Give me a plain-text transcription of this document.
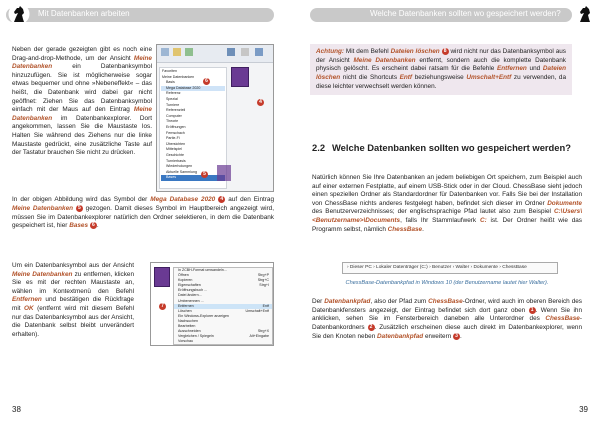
Mit Datenbanken arbeiten

Neben der gerade gezeigten gibt es noch eine Drag-and-drop-Methode, um der Ansicht Meine Datenbanken ein Datenbanksymbol hinzuzufügen. Sie ist möglicherweise sogar etwas bequemer und ohne »Nebeneffekt« – das heißt, die Datenbank wird dabei gar nicht geöffnet: Ziehen Sie das Datenbanksymbol einfach mit der Maus auf den Eintrag Meine Datenbanken im Datenbankexplorer. Dort angekommen, lassen Sie die Maustaste los. Halten Sie während des Ziehens nur die linke Maustaste gedrückt, eine zusätzliche Taste auf der Tastatur brauchen Sie nicht zu drücken.

Favoriten
Meine Datenbanken
Basis
Mega Database 2020
Referenz
Spezial
Turniere
Referenzteil
Computer
Theorie
Eröffnungen
Fernschach
Partie-Fi
Übersichten
Mittelspiel
Geschichte
Turnierbasis
Wiederholungen
Aktuelle Sammlung
Bases
6
4
5

In der obigen Abbildung wird das Symbol der Mega Database 2020 4 auf den Eintrag Meine Datenbanken 5 gezogen. Damit dieses Symbol im Hauptbereich angezeigt wird, müssen Sie im Datenbankexplorer natürlich den Ordner selektieren, in dem die Datenbank gespeichert ist, hier Bases 6 .

Um ein Datenbanksymbol aus der Ansicht Meine Datenbanken zu entfernen, klicken Sie es mit der rechten Maustaste an, wählen im Kontextmenü den Befehl Entfernen und bestätigen die Rückfrage mit OK (entfernt wird mit diesem Befehl nur das Datenbanksymbol aus der Ansicht, die Datenbank selbst bleibt unverändert erhalten).

In ZCBH-Format umwandeln...
Öffnen	Strg+P
Kopieren	Strg+C
Eigenschaften	Strg+I
Eröffnungsbuch ...
Datei ändern...
Umbenennen ...
Entfernen	Entf
Löschen	Umschalt+Entf
Ein Windows-Explorer anzeigen
Nachsuchen
Bearbeiten
Ausschneiden	Strg+X
Vergleichen / Spiegeln	Alt+Eingabe
Vorschau
7
38
Welche Datenbanken sollten wo gespeichert werden?

Achtung: Mit dem Befehl Dateien löschen 8 wird nicht nur das Datenbanksymbol aus der Ansicht Meine Datenbanken entfernt, sondern auch die komplette Datenbank physisch gelöscht. Es erscheint dabei ratsam für die Befehle Entfernen und Dateien löschen nicht die Shortcuts Entf beziehungsweise Umschalt+Entf zu verwenden, da diese leichter verwechselt werden können.

2.2 Welche Datenbanken sollten wo gespeichert werden?

Natürlich können Sie Ihre Datenbanken an jedem beliebigen Ort speichern, zum Beispiel auch auf einer externen Festplatte, auf einem USB-Stick oder in der Cloud. ChessBase sieht jedoch einen speziellen Ordner als Standardordner für Datenbanken vor. Falls Sie bei der Installation von ChessBase nichts anderes festgelegt haben, befindet sich dieser im Ordner Dokumente des Benutzerverzeichnisses; der englischsprachige Pfad lautet also zum Beispiel C:\Users\<Benutzername>\Documents, falls Ihr Stammlaufwerk C: ist. Der Ordner heißt wie das Programm selbst, nämlich ChessBase.

› Dieser PC › Lokaler Datenträger (C:) › Benutzer › Walter › Dokumente › ChessBase
ChessBase-Datenbankpfad in Windows 10 (der Benutzername lautet hier Walter).

Der Datenbankpfad, also der Pfad zum ChessBase-Ordner, wird auch im oberen Bereich des Datenbankfensters angezeigt, der Eintrag befindet sich dort ganz oben 1 . Wenn Sie ihn anklicken, sehen Sie im Fensterbereich daneben alle Unterordner des ChessBase-Datenbankordners 2 . Zusätzlich erscheinen diese auch direkt im Datenbankexplorer, wenn Sie den Knoten neben Datenbankpfad erweitern 3 .

39
